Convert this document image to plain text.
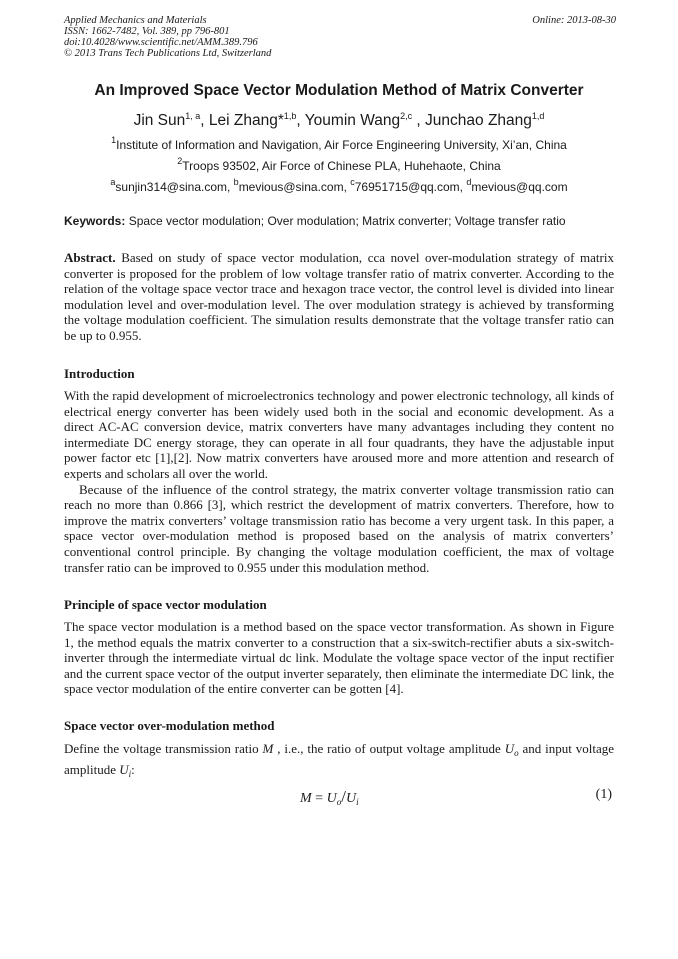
Applied Mechanics and Materials
ISSN: 1662-7482, Vol. 389, pp 796-801
doi:10.4028/www.scientific.net/AMM.389.796
© 2013 Trans Tech Publications Ltd, Switzerland
Online: 2013-08-30
An Improved Space Vector Modulation Method of Matrix Converter
Jin Sun$^{1, a}$, Lei Zhang*$^{1,b}$, Youmin Wang$^{2,c}$ , Junchao Zhang$^{1,d}$
$^1$Institute of Information and Navigation, Air Force Engineering University, Xi’an, China
$^2$Troops 93502, Air Force of Chinese PLA, Huhehaote, China
$^a$sunjin314@sina.com, $^b$mevious@sina.com, $^c$76951715@qq.com, $^d$mevious@qq.com
Keywords: Space vector modulation; Over modulation; Matrix converter; Voltage transfer ratio

Abstract. Based on study of space vector modulation, cca novel over-modulation strategy of matrix converter is proposed for the problem of low voltage transfer ratio of matrix converter. According to the relation of the voltage space vector trace and hexagon trace vector, the control level is divided into linear modulation level and over-modulation level. The over modulation strategy is achieved by transforming the voltage modulation coefficient. The simulation results demonstrate that the voltage transfer ratio can be up to 0.955.

Introduction

With the rapid development of microelectronics technology and power electronic technology, all kinds of electrical energy converter has been widely used both in the social and economic development. As a direct AC-AC conversion device, matrix converters have many advantages including they content no intermediate DC energy storage, they can operate in all four quadrants, they have the adjustable input power factor etc [1],[2]. Now matrix converters have aroused more and more attention and research of experts and scholars all over the world.

Because of the influence of the control strategy, the matrix converter voltage transmission ratio can reach no more than 0.866 [3], which restrict the development of matrix converters. Therefore, how to improve the matrix converters’ voltage transmission ratio has become a very urgent task. In this paper, a space vector over-modulation method is proposed based on the analysis of matrix converters’ conventional control principle. By changing the voltage modulation coefficient, the max of voltage transfer ratio can be improved to 0.955 under this modulation method.

Principle of space vector modulation

The space vector modulation is a method based on the space vector transformation. As shown in Figure 1, the method equals the matrix converter to a construction that a six-switch-rectifier abuts a six-switch-inverter through the intermediate virtual dc link. Modulate the voltage space vector of the input rectifier and the current space vector of the output inverter separately, then eliminate the intermediate DC link, the space vector modulation of the entire converter can be gotten [4].

Space vector over-modulation method

Define the voltage transmission ratio M , i.e., the ratio of output voltage amplitude $U_o$ and input voltage amplitude $U_i$:

$M = U_o/U_i$	(1)
